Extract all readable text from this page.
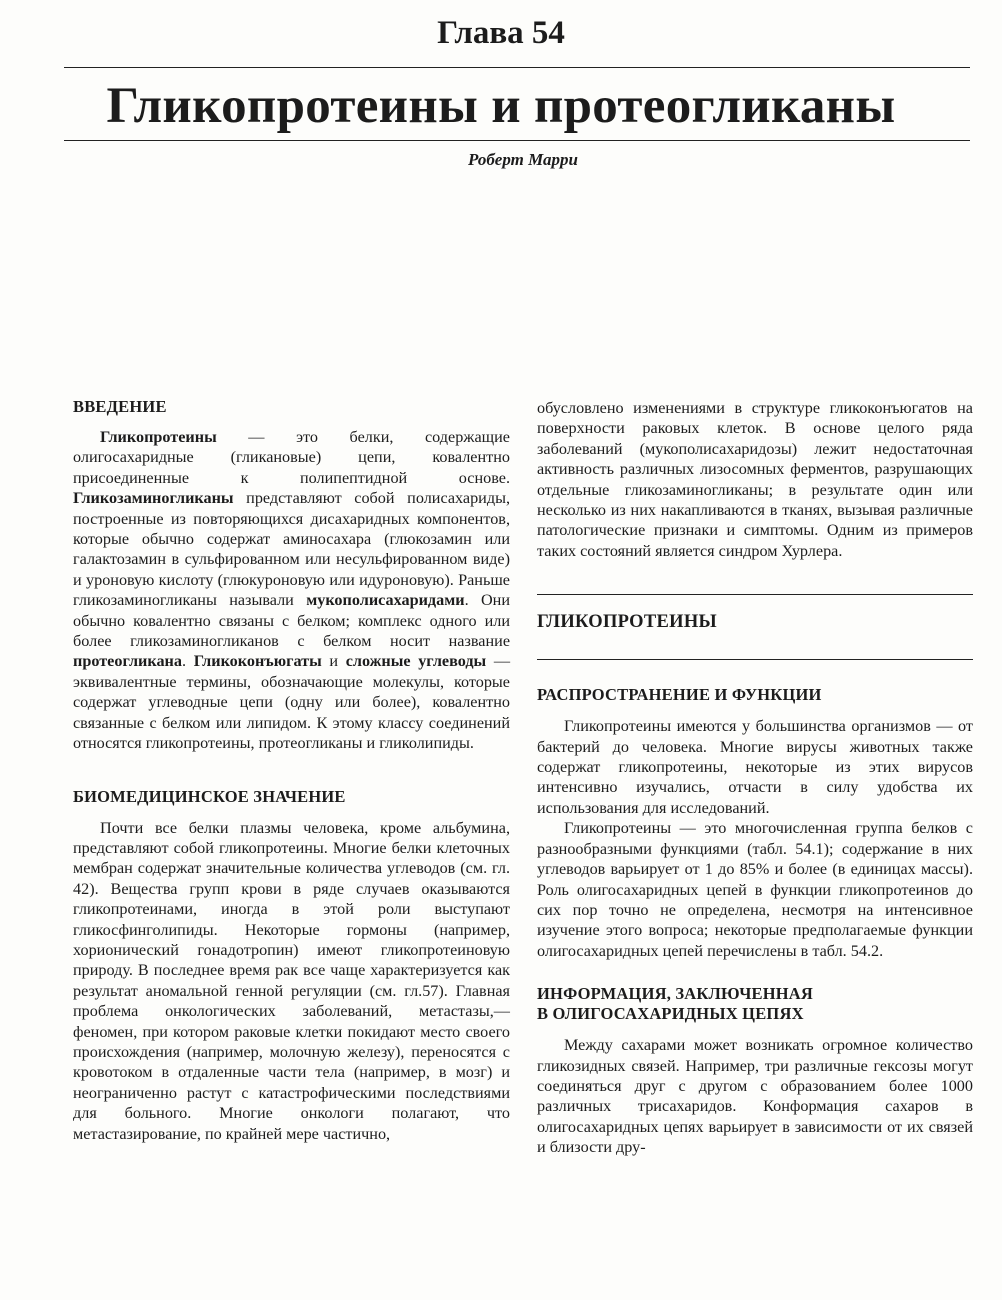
Глава 54
Гликопротеины и протеогликаны
Роберт Марри
ВВЕДЕНИЕ

Гликопротеины — это белки, содержащие олигосахаридные (гликановые) цепи, ковалентно присоединенные к полипептидной основе. Гликозаминогликаны представляют собой полисахариды, построенные из повторяющихся дисахаридных компонентов, которые обычно содержат аминосахара (глюкозамин или галактозамин в сульфированном или несульфированном виде) и уроновую кислоту (глюкуроновую или идуроновую). Раньше гликозаминогликаны называли мукополисахаридами. Они обычно ковалентно связаны с белком; комплекс одного или более гликозаминогликанов с белком носит название протеогликана. Гликоконъюгаты и сложные углеводы — эквивалентные термины, обозначающие молекулы, которые содержат углеводные цепи (одну или более), ковалентно связанные с белком или липидом. К этому классу соединений относятся гликопротеины, протеогликаны и гликолипиды.

БИОМЕДИЦИНСКОЕ ЗНАЧЕНИЕ

Почти все белки плазмы человека, кроме альбумина, представляют собой гликопротеины. Многие белки клеточных мембран содержат значительные количества углеводов (см. гл. 42). Вещества групп крови в ряде случаев оказываются гликопротеинами, иногда в этой роли выступают гликосфинголипиды. Некоторые гормоны (например, хорионический гонадотропин) имеют гликопротеиновую природу. В последнее время рак все чаще характеризуется как результат аномальной генной регуляции (см. гл.57). Главная проблема онкологических заболеваний, метастазы,— феномен, при котором раковые клетки покидают место своего происхождения (например, молочную железу), переносятся с кровотоком в отдаленные части тела (например, в мозг) и неограниченно растут с катастрофическими последствиями для больного. Многие онкологи полагают, что метастазирование, по крайней мере частично,

обусловлено изменениями в структуре гликоконъюгатов на поверхности раковых клеток. В основе целого ряда заболеваний (мукополисахаридозы) лежит недостаточная активность различных лизосомных ферментов, разрушающих отдельные гликозаминогликаны; в результате один или несколько из них накапливаются в тканях, вызывая различные патологические признаки и симптомы. Одним из примеров таких состояний является синдром Хурлера.

ГЛИКОПРОТЕИНЫ
РАСПРОСТРАНЕНИЕ И ФУНКЦИИ

Гликопротеины имеются у большинства организмов — от бактерий до человека. Многие вирусы животных также содержат гликопротеины, некоторые из этих вирусов интенсивно изучались, отчасти в силу удобства их использования для исследований.

Гликопротеины — это многочисленная группа белков с разнообразными функциями (табл. 54.1); содержание в них углеводов варьирует от 1 до 85% и более (в единицах массы). Роль олигосахаридных цепей в функции гликопротеинов до сих пор точно не определена, несмотря на интенсивное изучение этого вопроса; некоторые предполагаемые функции олигосахаридных цепей перечислены в табл. 54.2.

ИНФОРМАЦИЯ, ЗАКЛЮЧЕННАЯ
В ОЛИГОСАХАРИДНЫХ ЦЕПЯХ

Между сахарами может возникать огромное количество гликозидных связей. Например, три различные гексозы могут соединяться друг с другом с образованием более 1000 различных трисахаридов. Конформация сахаров в олигосахаридных цепях варьирует в зависимости от их связей и близости дру-
